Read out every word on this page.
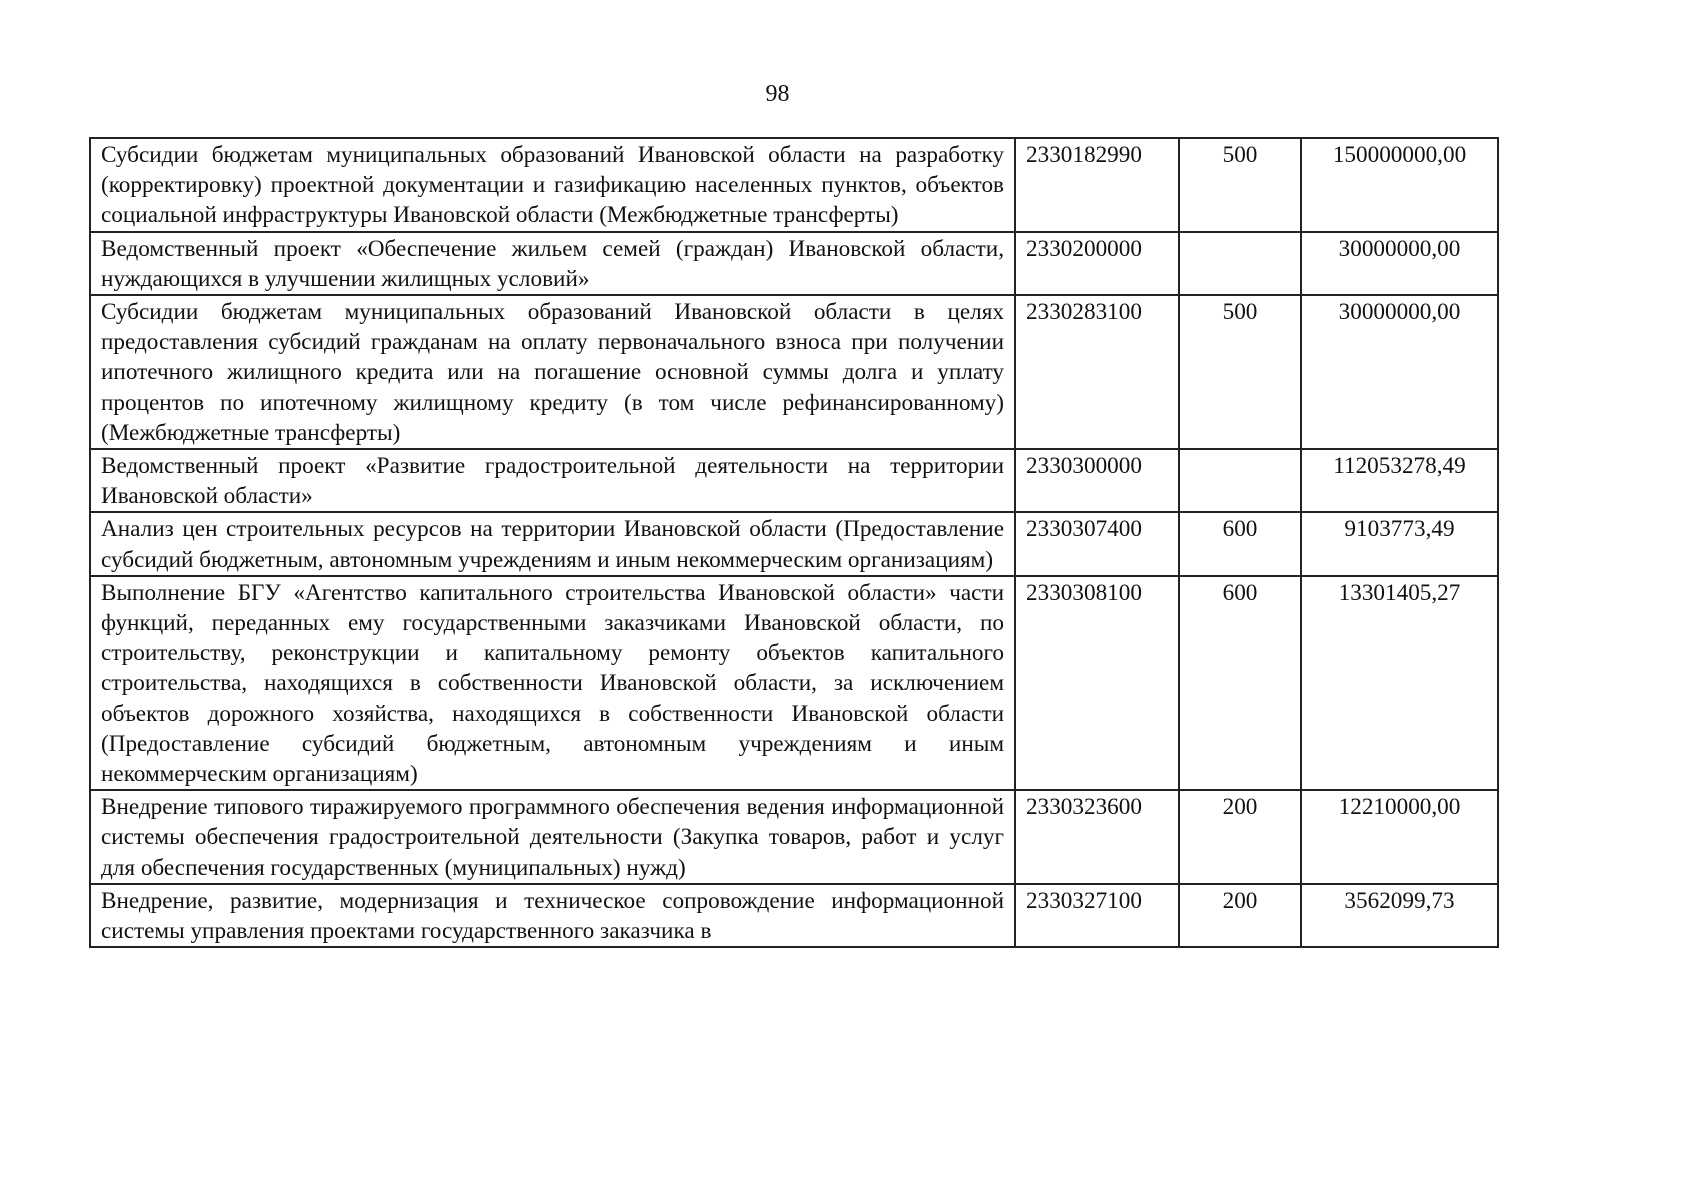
98
Субсидии бюджетам муниципальных образований Ивановской области на разработку (корректировку) проектной документации и газификацию населенных пунктов, объектов социальной инфраструктуры Ивановской области (Межбюджетные трансферты)	2330182990	500	150000000,00
Ведомственный проект «Обеспечение жильем семей (граждан) Ивановской области, нуждающихся в улучшении жилищных условий»	2330200000		30000000,00
Субсидии бюджетам муниципальных образований Ивановской области в целях предоставления субсидий гражданам на оплату первоначального взноса при получении ипотечного жилищного кредита или на погашение основной суммы долга и уплату процентов по ипотечному жилищному кредиту (в том числе рефинансированному) (Межбюджетные трансферты)	2330283100	500	30000000,00
Ведомственный проект «Развитие градостроительной деятельности на территории Ивановской области»	2330300000		112053278,49
Анализ цен строительных ресурсов на территории Ивановской области (Предоставление субсидий бюджетным, автономным учреждениям и иным некоммерческим организациям)	2330307400	600	9103773,49
Выполнение БГУ «Агентство капитального строительства Ивановской области» части функций, переданных ему государственными заказчиками Ивановской области, по строительству, реконструкции и капитальному ремонту объектов капитального строительства, находящихся в собственности Ивановской области, за исключением объектов дорожного хозяйства, находящихся в собственности Ивановской области (Предоставление субсидий бюджетным, автономным учреждениям и иным некоммерческим организациям)	2330308100	600	13301405,27
Внедрение типового тиражируемого программного обеспечения ведения информационной системы обеспечения градостроительной деятельности (Закупка товаров, работ и услуг для обеспечения государственных (муниципальных) нужд)	2330323600	200	12210000,00
Внедрение, развитие, модернизация и техническое сопровождение информационной системы управления проектами государственного заказчика в	2330327100	200	3562099,73
